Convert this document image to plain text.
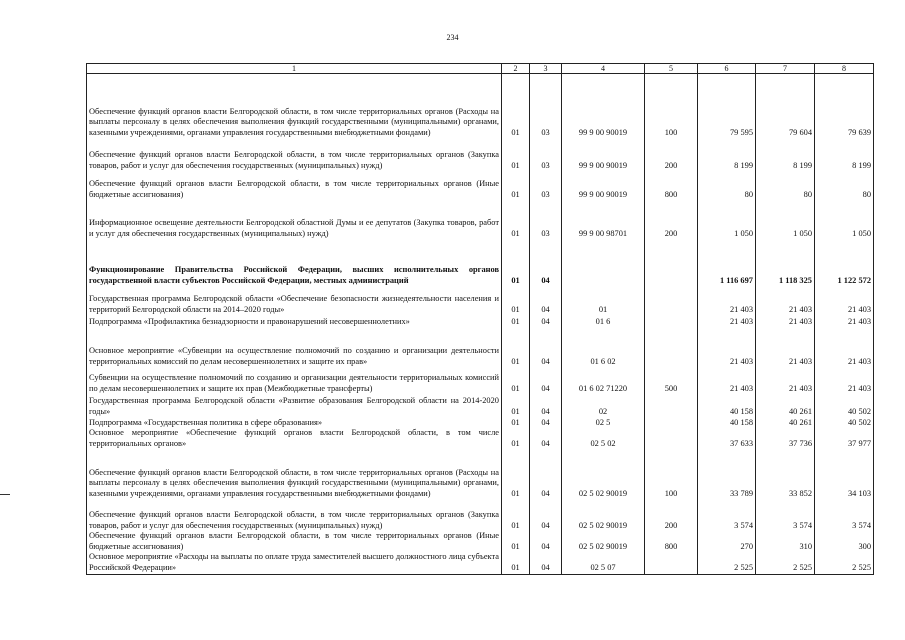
234
1	2	3	4	5	6	7	8
Обеспечение функций органов власти Белгородской области, в том числе территориальных органов (Расходы на выплаты персоналу в целях обеспечения выполнения функций государственными (муниципальными) органами, казенными учреждениями, органами управления государственными внебюджетными фондами)	01	03	99 9 00 90019	100	79 595	79 604	79 639
Обеспечение функций органов власти Белгородской области, в том числе территориальных органов (Закупка товаров, работ и услуг для обеспечения государственных (муниципальных) нужд)	01	03	99 9 00 90019	200	8 199	8 199	8 199
Обеспечение функций органов власти Белгородской области, в том числе территориальных органов (Иные бюджетные ассигнования)	01	03	99 9 00 90019	800	80	80	80
Информационное освещение деятельности Белгородской областной Думы и ее депутатов (Закупка товаров, работ и услуг для обеспечения государственных (муниципальных) нужд)	01	03	99 9 00 98701	200	1 050	1 050	1 050
Функционирование Правительства Российской Федерации, высших исполнительных органов государственной власти субъектов Российской Федерации, местных администраций	01	04			1 116 697	1 118 325	1 122 572
Государственная программа Белгородской области «Обеспечение безопасности жизнедеятельности населения и территорий Белгородской области на 2014–2020 годы»	01	04	01		21 403	21 403	21 403
Подпрограмма «Профилактика безнадзорности и правонарушений несовершеннолетних»	01	04	01 6		21 403	21 403	21 403
Основное мероприятие «Субвенции на осуществление полномочий по созданию и организации деятельности территориальных комиссий по делам несовершеннолетних и защите их прав»	01	04	01 6 02		21 403	21 403	21 403
Субвенции на осуществление полномочий по созданию и организации деятельности территориальных комиссий по делам несовершеннолетних и защите их прав (Межбюджетные трансферты)	01	04	01 6 02 71220	500	21 403	21 403	21 403
Государственная программа Белгородской области «Развитие образования Белгородской области на 2014-2020 годы»	01	04	02		40 158	40 261	40 502
Подпрограмма «Государственная политика в сфере образования»	01	04	02 5		40 158	40 261	40 502
Основное мероприятие «Обеспечение функций органов власти Белгородской области, в том числе территориальных органов»	01	04	02 5 02		37 633	37 736	37 977
Обеспечение функций органов власти Белгородской области, в том числе территориальных органов (Расходы на выплаты персоналу в целях обеспечения выполнения функций государственными (муниципальными) органами, казенными учреждениями, органами управления государственными внебюджетными фондами)	01	04	02 5 02 90019	100	33 789	33 852	34 103
Обеспечение функций органов власти Белгородской области, в том числе территориальных органов (Закупка товаров, работ и услуг для обеспечения государственных (муниципальных) нужд)	01	04	02 5 02 90019	200	3 574	3 574	3 574
Обеспечение функций органов власти Белгородской области, в том числе территориальных органов (Иные бюджетные ассигнования)	01	04	02 5 02 90019	800	270	310	300
Основное мероприятие «Расходы на выплаты по оплате труда заместителей высшего должностного лица субъекта Российской Федерации»	01	04	02 5 07		2 525	2 525	2 525
